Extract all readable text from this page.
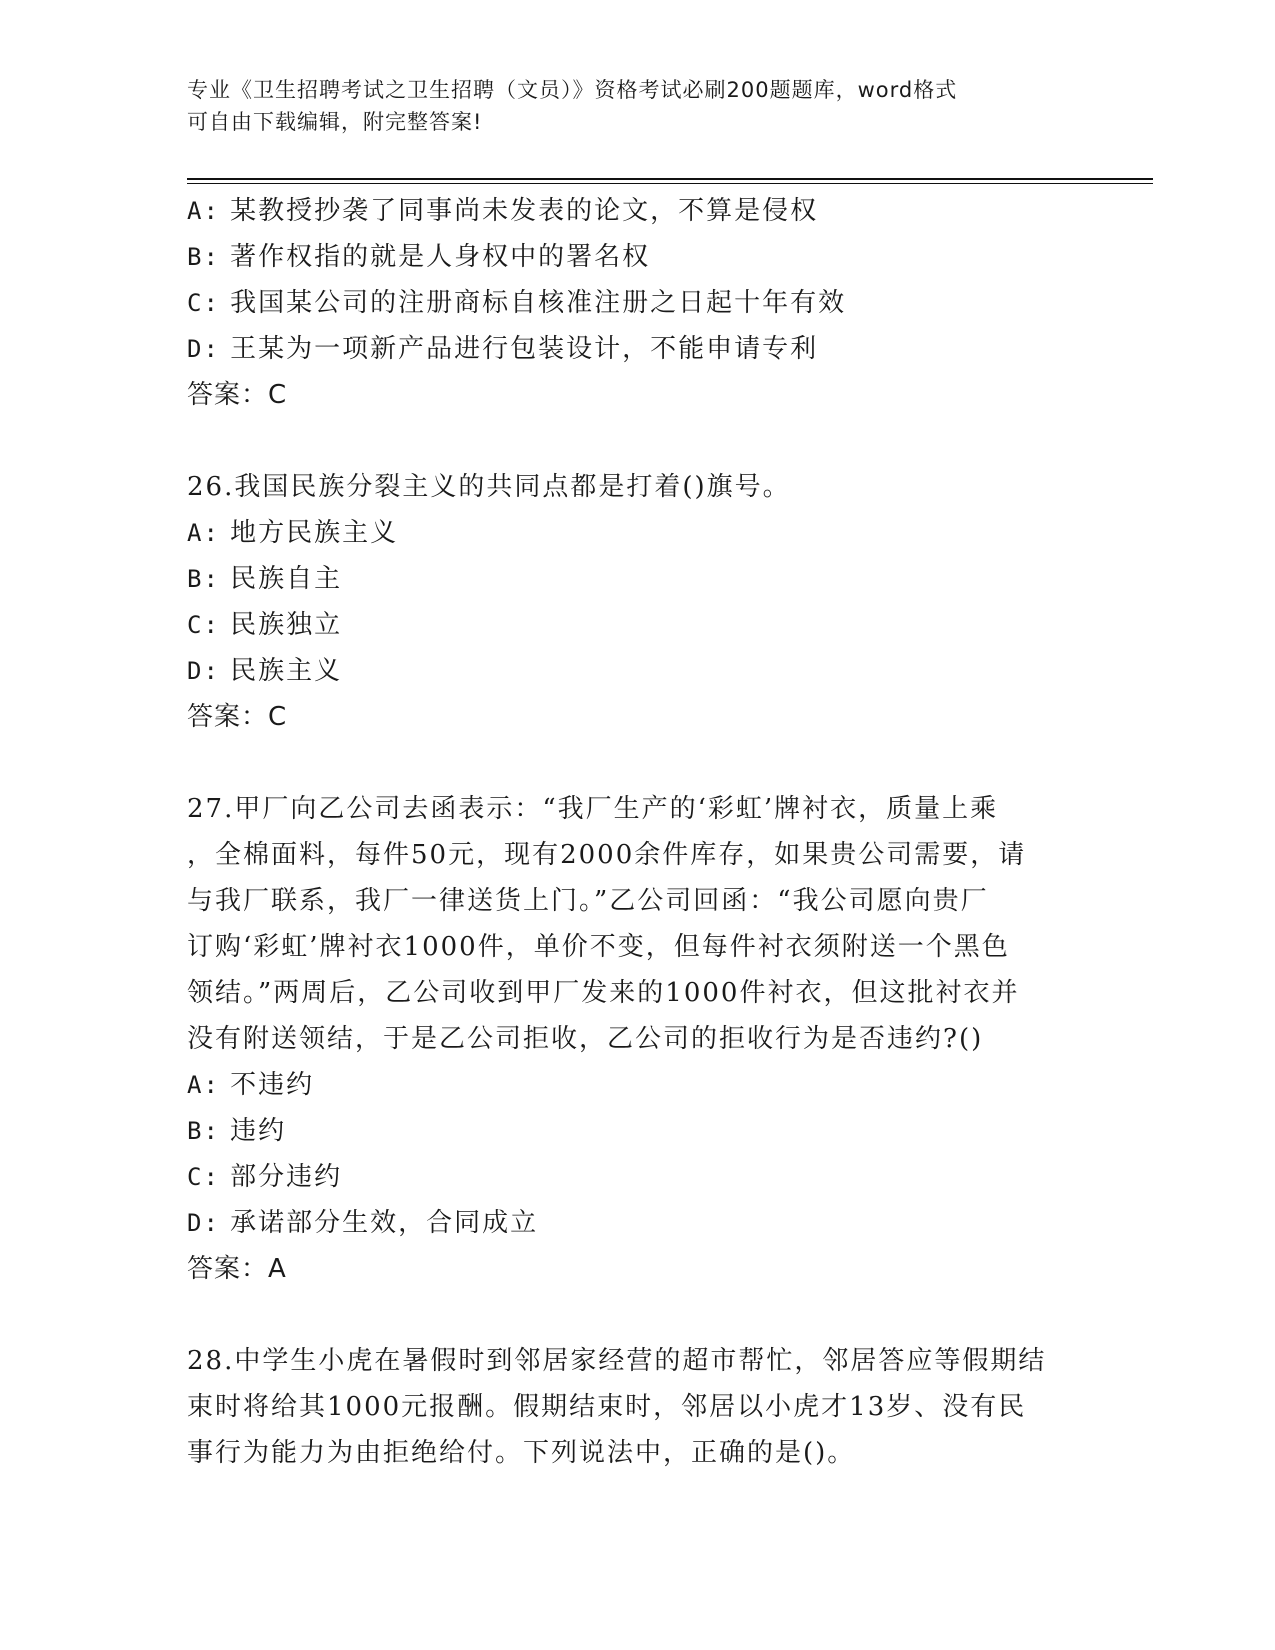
专业《卫生招聘考试之卫生招聘（文员）》资格考试必刷200题题库，word格式
可自由下载编辑，附完整答案!
A: 某教授抄袭了同事尚未发表的论文，不算是侵权
B: 著作权指的就是人身权中的署名权
C: 我国某公司的注册商标自核准注册之日起十年有效
D: 王某为一项新产品进行包装设计，不能申请专利
答案：C
26.我国民族分裂主义的共同点都是打着()旗号。
A: 地方民族主义
B: 民族自主
C: 民族独立
D: 民族主义
答案：C
27.甲厂向乙公司去函表示：“我厂生产的‘彩虹’牌衬衣，质量上乘
，全棉面料，每件50元，现有2000余件库存，如果贵公司需要，请
与我厂联系，我厂一律送货上门。”乙公司回函：“我公司愿向贵厂
订购‘彩虹’牌衬衣1000件，单价不变，但每件衬衣须附送一个黑色
领结。”两周后，乙公司收到甲厂发来的1000件衬衣，但这批衬衣并
没有附送领结，于是乙公司拒收，乙公司的拒收行为是否违约?()
A: 不违约
B: 违约
C: 部分违约
D: 承诺部分生效，合同成立
答案：A
28.中学生小虎在暑假时到邻居家经营的超市帮忙，邻居答应等假期结
束时将给其1000元报酬。假期结束时，邻居以小虎才13岁、没有民
事行为能力为由拒绝给付。下列说法中，正确的是()。
